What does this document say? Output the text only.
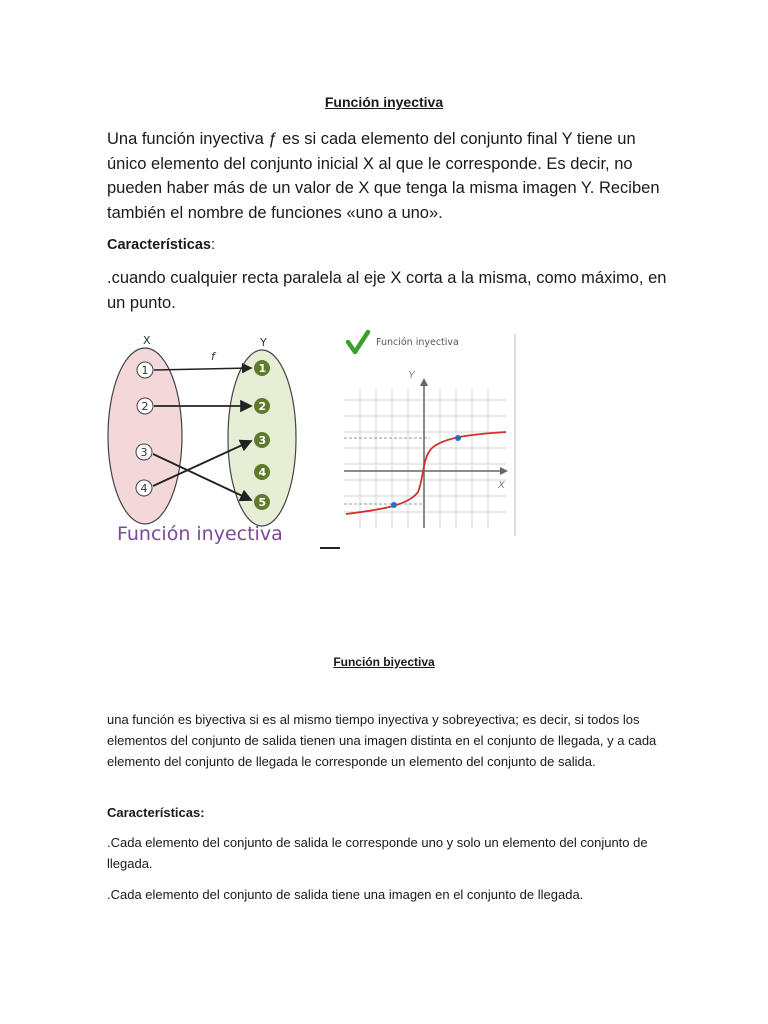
Función inyectiva
Una función inyectiva ƒ es si cada elemento del conjunto final Y tiene un único elemento del conjunto inicial X al que le corresponde. Es decir, no pueden haber más de un valor de X que tenga la misma imagen Y. Reciben también el nombre de funciones «uno a uno».
Características:
.cuando cualquier recta paralela al eje X corta a la misma, como máximo, en un punto.
X	Y
f
1
2
3
4
1
2
3
4
5
Función inyectiva
Función inyectiva
Y
X
Función biyectiva
una función es biyectiva si es al mismo tiempo inyectiva y sobreyectiva; es decir, si todos los elementos del conjunto de salida tienen una imagen distinta en el conjunto de llegada, y a cada elemento del conjunto de llegada le corresponde un elemento del conjunto de salida.
Características:
.Cada elemento del conjunto de salida le corresponde uno y solo un elemento del conjunto de llegada.
.Cada elemento del conjunto de salida tiene una imagen en el conjunto de llegada.
